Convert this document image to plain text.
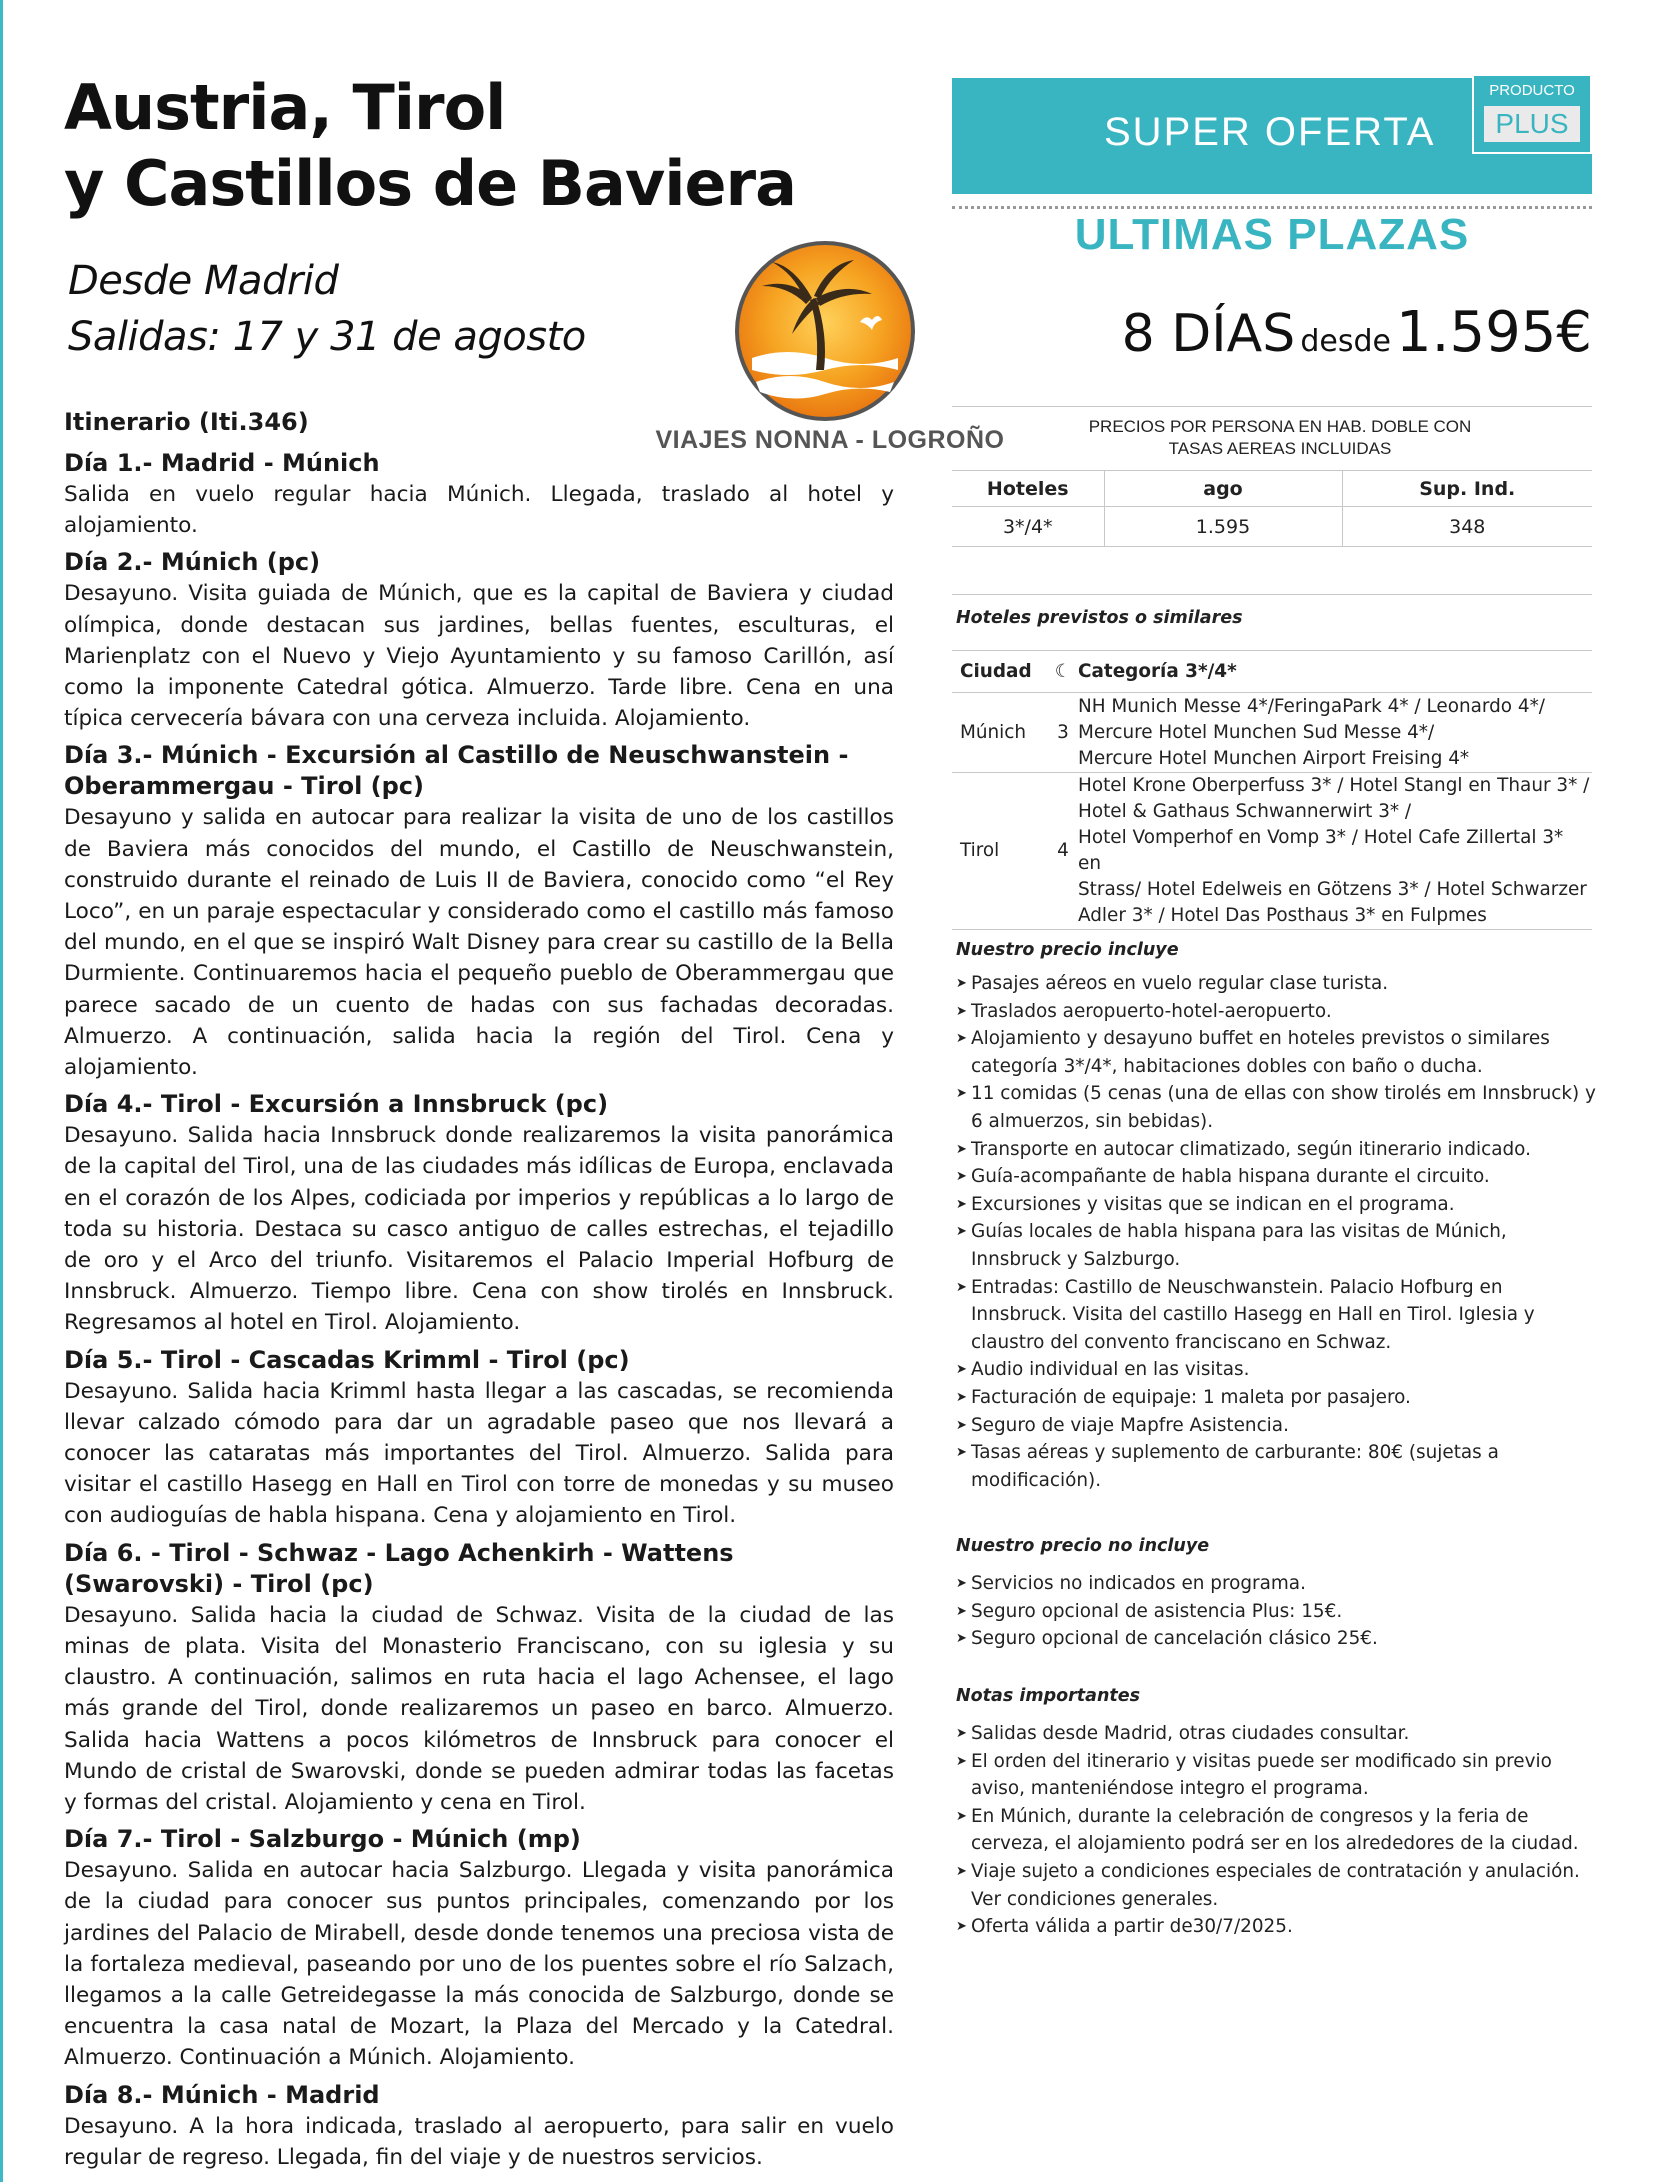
Austria, Tirol
y Castillos de Baviera
Desde Madrid
Salidas: 17 y 31 de agosto
VIAJES NONNA - LOGROÑO
Itinerario (Iti.346)
Día 1.- Madrid - Múnich
Salida en vuelo regular hacia Múnich. Llegada, traslado al hotel y alojamiento.
Día 2.- Múnich (pc)
Desayuno. Visita guiada de Múnich, que es la capital de Baviera y ciudad olímpica, donde destacan sus jardines, bellas fuentes, esculturas, el Marienplatz con el Nuevo y Viejo Ayuntamiento y su famoso Carillón, así como la imponente Catedral gótica. Almuerzo. Tarde libre. Cena en una típica cervecería bávara con una cerveza incluida. Alojamiento.
Día 3.- Múnich - Excursión al Castillo de Neuschwanstein - Oberammergau - Tirol (pc)
Desayuno y salida en autocar para realizar la visita de uno de los castillos de Baviera más conocidos del mundo, el Castillo de Neuschwanstein, construido durante el reinado de Luis II de Baviera, conocido como “el Rey Loco”, en un paraje espectacular y considerado como el castillo más famoso del mundo, en el que se inspiró Walt Disney para crear su castillo de la Bella Durmiente. Continuaremos hacia el pequeño pueblo de Oberammergau que parece sacado de un cuento de hadas con sus fachadas decoradas. Almuerzo. A continuación, salida hacia la región del Tirol. Cena y alojamiento.
Día 4.- Tirol - Excursión a Innsbruck (pc)
Desayuno. Salida hacia Innsbruck donde realizaremos la visita panorámica de la capital del Tirol, una de las ciudades más idílicas de Europa, enclavada en el corazón de los Alpes, codiciada por imperios y repúblicas a lo largo de toda su historia. Destaca su casco antiguo de calles estrechas, el tejadillo de oro y el Arco del triunfo. Visitaremos el Palacio Imperial Hofburg de Innsbruck. Almuerzo. Tiempo libre. Cena con show tirolés en Innsbruck. Regresamos al hotel en Tirol. Alojamiento.
Día 5.- Tirol - Cascadas Krimml - Tirol (pc)
Desayuno. Salida hacia Krimml hasta llegar a las cascadas, se recomienda llevar calzado cómodo para dar un agradable paseo que nos llevará a conocer las cataratas más importantes del Tirol. Almuerzo. Salida para visitar el castillo Hasegg en Hall en Tirol con torre de monedas y su museo con audioguías de habla hispana. Cena y alojamiento en Tirol.
Día 6. - Tirol - Schwaz - Lago Achenkirh - Wattens (Swarovski) - Tirol (pc)
Desayuno. Salida hacia la ciudad de Schwaz. Visita de la ciudad de las minas de plata. Visita del Monasterio Franciscano, con su iglesia y su claustro. A continuación, salimos en ruta hacia el lago Achensee, el lago más grande del Tirol, donde realizaremos un paseo en barco. Almuerzo. Salida hacia Wattens a pocos kilómetros de Innsbruck para conocer el Mundo de cristal de Swarovski, donde se pueden admirar todas las facetas y formas del cristal. Alojamiento y cena en Tirol.
Día 7.- Tirol - Salzburgo - Múnich (mp)
Desayuno. Salida en autocar hacia Salzburgo. Llegada y visita panorámica de la ciudad para conocer sus puntos principales, comenzando por los jardines del Palacio de Mirabell, desde donde tenemos una preciosa vista de la fortaleza medieval, paseando por uno de los puentes sobre el río Salzach, llegamos a la calle Getreidegasse la más conocida de Salzburgo, donde se encuentra la casa natal de Mozart, la Plaza del Mercado y la Catedral. Almuerzo. Continuación a Múnich. Alojamiento.
Día 8.- Múnich - Madrid
Desayuno. A la hora indicada, traslado al aeropuerto, para salir en vuelo regular de regreso. Llegada, fin del viaje y de nuestros servicios.
SUPER OFERTA
PRODUCTO
PLUS
ULTIMAS PLAZAS
8 DÍAS desde 1.595€
PRECIOS POR PERSONA EN HAB. DOBLE CON
TASAS AEREAS INCLUIDAS
Hoteles	ago	Sup. Ind.
3*/4*	1.595	348
Hoteles previstos o similares
Ciudad	☾	Categoría 3*/4*
Múnich	3	NH Munich Messe 4*/FeringaPark 4* / Leonardo 4*/
Mercure Hotel Munchen Sud Messe 4*/
Mercure Hotel Munchen Airport Freising 4*

Tirol	4	Hotel Krone Oberperfuss 3* / Hotel Stangl en Thaur 3* /
Hotel & Gathaus Schwannerwirt 3* /
Hotel Vomperhof en Vomp 3* / Hotel Cafe Zillertal 3* en
Strass/ Hotel Edelweis en Götzens 3* / Hotel Schwarzer
Adler 3* / Hotel Das Posthaus 3* en Fulpmes
Nuestro precio incluye
➤ Pasajes aéreos en vuelo regular clase turista.
➤ Traslados aeropuerto-hotel-aeropuerto.
➤ Alojamiento y desayuno buffet en hoteles previstos o similares categoría 3*/4*, habitaciones dobles con baño o ducha.
➤ 11 comidas (5 cenas (una de ellas con show tirolés em Innsbruck) y 6 almuerzos, sin bebidas).
➤ Transporte en autocar climatizado, según itinerario indicado.
➤ Guía-acompañante de habla hispana durante el circuito.
➤ Excursiones y visitas que se indican en el programa.
➤ Guías locales de habla hispana para las visitas de Múnich, Innsbruck y Salzburgo.
➤ Entradas: Castillo de Neuschwanstein. Palacio Hofburg en Innsbruck. Visita del castillo Hasegg en Hall en Tirol. Iglesia y claustro del convento franciscano en Schwaz.
➤ Audio individual en las visitas.
➤ Facturación de equipaje: 1 maleta por pasajero.
➤ Seguro de viaje Mapfre Asistencia.
➤ Tasas aéreas y suplemento de carburante: 80€ (sujetas a modificación).
Nuestro precio no incluye
➤ Servicios no indicados en programa.
➤ Seguro opcional de asistencia Plus: 15€.
➤ Seguro opcional de cancelación clásico 25€.
Notas importantes
➤ Salidas desde Madrid, otras ciudades consultar.
➤ El orden del itinerario y visitas puede ser modificado sin previo aviso, manteniéndose integro el programa.
➤ En Múnich, durante la celebración de congresos y la feria de cerveza, el alojamiento podrá ser en los alrededores de la ciudad.
➤ Viaje sujeto a condiciones especiales de contratación y anulación. Ver condiciones generales.
➤ Oferta válida a partir de30/7/2025.
